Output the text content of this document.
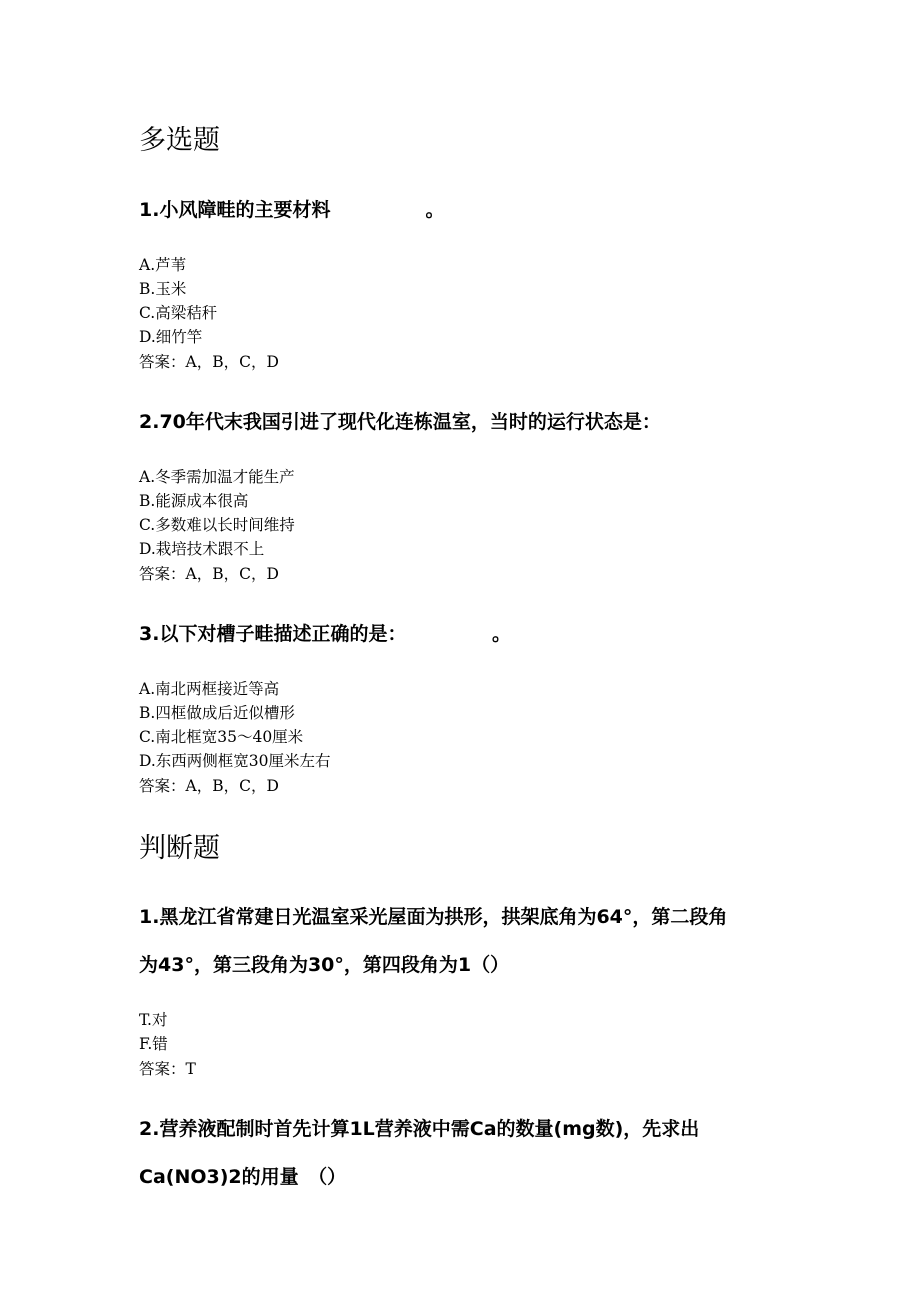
多选题
1.小风障畦的主要材料　　　　　。
A.芦苇
B.玉米
C.高梁秸秆
D.细竹竿
答案：A，B，C，D
2.70年代末我国引进了现代化连栋温室，当时的运行状态是：
A.冬季需加温才能生产
B.能源成本很高
C.多数难以长时间维持
D.栽培技术跟不上
答案：A，B，C，D
3.以下对槽子畦描述正确的是：　　　　　。
A.南北两框接近等高
B.四框做成后近似槽形
C.南北框宽35～40厘米
D.东西两侧框宽30厘米左右
答案：A，B，C，D
判断题
1.黑龙江省常建日光温室采光屋面为拱形，拱架底角为64°，第二段角
为43°，第三段角为30°，第四段角为1（）
T.对
F.错
答案：T
2.营养液配制时首先计算1L营养液中需Ca的数量(mg数)，先求出
Ca(NO3)2的用量　（）
